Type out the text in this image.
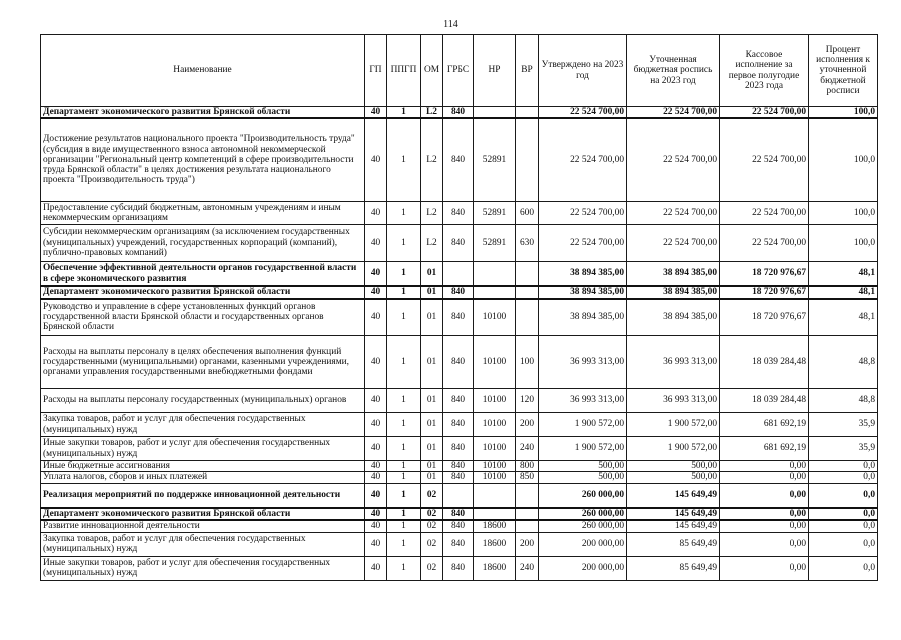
114
Наименование	ГП	ППГП	ОМ	ГРБС	НР	ВР	Утверждено на 2023 год	Уточненная бюджетная роспись на 2023 год	Кассовое исполнение за первое полугодие 2023 года	Процент исполнения к уточненной бюджетной росписи
Департамент экономического развития Брянской области	40	1	L2	840			22 524 700,00	22 524 700,00	22 524 700,00	100,0
Достижение результатов национального проекта "Производительность труда" (субсидия в виде имущественного взноса автономной некоммерческой организации "Региональный центр компетенций в сфере производительности труда Брянской области" в целях достижения результата национального проекта "Производительность труда")	40	1	L2	840	52891		22 524 700,00	22 524 700,00	22 524 700,00	100,0
Предоставление субсидий бюджетным, автономным учреждениям и иным некоммерческим организациям	40	1	L2	840	52891	600	22 524 700,00	22 524 700,00	22 524 700,00	100,0
Субсидии некоммерческим организациям (за исключением государственных (муниципальных) учреждений, государственных корпораций (компаний), публично-правовых компаний)	40	1	L2	840	52891	630	22 524 700,00	22 524 700,00	22 524 700,00	100,0
Обеспечение эффективной деятельности органов государственной власти в сфере экономического развития	40	1	01				38 894 385,00	38 894 385,00	18 720 976,67	48,1
Департамент экономического развития Брянской области	40	1	01	840			38 894 385,00	38 894 385,00	18 720 976,67	48,1
Руководство и управление в сфере установленных функций органов государственной власти Брянской области и государственных органов Брянской области	40	1	01	840	10100		38 894 385,00	38 894 385,00	18 720 976,67	48,1
Расходы на выплаты персоналу в целях обеспечения выполнения функций государственными (муниципальными) органами, казенными учреждениями, органами управления государственными внебюджетными фондами	40	1	01	840	10100	100	36 993 313,00	36 993 313,00	18 039 284,48	48,8
Расходы на выплаты персоналу государственных (муниципальных) органов	40	1	01	840	10100	120	36 993 313,00	36 993 313,00	18 039 284,48	48,8
Закупка товаров, работ и услуг для обеспечения государственных (муниципальных) нужд	40	1	01	840	10100	200	1 900 572,00	1 900 572,00	681 692,19	35,9
Иные закупки товаров, работ и услуг для обеспечения государственных (муниципальных) нужд	40	1	01	840	10100	240	1 900 572,00	1 900 572,00	681 692,19	35,9
Иные бюджетные ассигнования	40	1	01	840	10100	800	500,00	500,00	0,00	0,0
Уплата налогов, сборов и иных платежей	40	1	01	840	10100	850	500,00	500,00	0,00	0,0
Реализация мероприятий по поддержке инновационной деятельности	40	1	02				260 000,00	145 649,49	0,00	0,0
Департамент экономического развития Брянской области	40	1	02	840			260 000,00	145 649,49	0,00	0,0
Развитие инновационной деятельности	40	1	02	840	18600		260 000,00	145 649,49	0,00	0,0
Закупка товаров, работ и услуг для обеспечения государственных (муниципальных) нужд	40	1	02	840	18600	200	200 000,00	85 649,49	0,00	0,0
Иные закупки товаров, работ и услуг для обеспечения государственных (муниципальных) нужд	40	1	02	840	18600	240	200 000,00	85 649,49	0,00	0,0
